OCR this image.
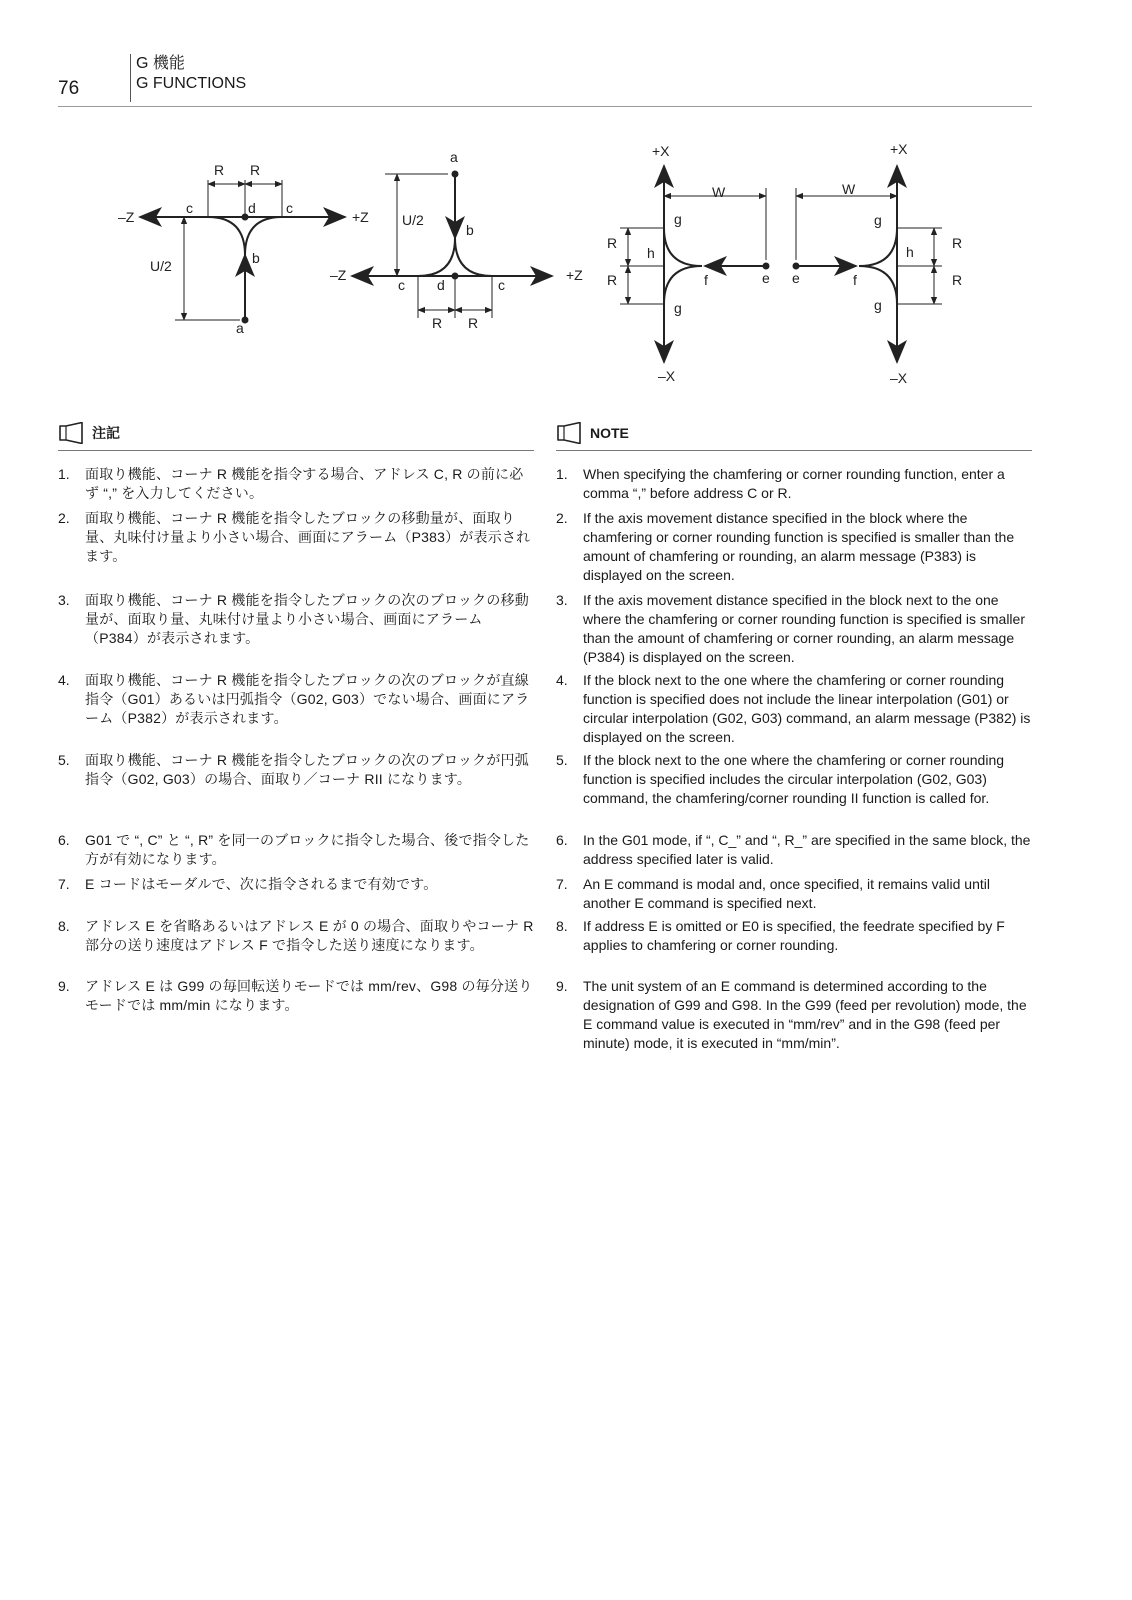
76
G 機能
G FUNCTIONS
–Z	+Z
R R
c	d c
U/2	b
a
a
b
U/2
–Z	+Z
c d	c
R R
+X
–X
W
g
g
h
R
R	f	e
+X
–X
W
g
g
h
R
R
f
e
注記
1.	面取り機能、コーナ R 機能を指令する場合、アドレス C, R の前に必ず “,” を入力してください。
2.	面取り機能、コーナ R 機能を指令したブロックの移動量が、面取り量、丸味付け量より小さい場合、画面にアラーム（P383）が表示されます。
3.	面取り機能、コーナ R 機能を指令したブロックの次のブロックの移動量が、面取り量、丸味付け量より小さい場合、画面にアラーム（P384）が表示されます。
4.	面取り機能、コーナ R 機能を指令したブロックの次のブロックが直線指令（G01）あるいは円弧指令（G02, G03）でない場合、画面にアラーム（P382）が表示されます。
5.	面取り機能、コーナ R 機能を指令したブロックの次のブロックが円弧指令（G02, G03）の場合、面取り／コーナ RII になります。
6.	G01 で “, C” と “, R” を同一のブロックに指令した場合、後で指令した方が有効になります。
7.	E コードはモーダルで、次に指令されるまで有効です。
8.	アドレス E を省略あるいはアドレス E が 0 の場合、面取りやコーナ R 部分の送り速度はアドレス F で指令した送り速度になります。
9.	アドレス E は G99 の毎回転送りモードでは mm/rev、G98 の毎分送りモードでは mm/min になります。
NOTE
1.	When specifying the chamfering or corner rounding function, enter a comma “,” before address C or R.
2.	If the axis movement distance specified in the block where the chamfering or corner rounding function is specified is smaller than the amount of chamfering or rounding, an alarm message (P383) is displayed on the screen.
3.	If the axis movement distance specified in the block next to the one where the chamfering or corner rounding function is specified is smaller than the amount of chamfering or corner rounding, an alarm message (P384) is displayed on the screen.
4.	If the block next to the one where the chamfering or corner rounding function is specified does not include the linear interpolation (G01) or circular interpolation (G02, G03) command, an alarm message (P382) is displayed on the screen.
5.	If the block next to the one where the chamfering or corner rounding function is specified includes the circular interpolation (G02, G03) command, the chamfering/corner rounding II function is called for.
6.	In the G01 mode, if “, C_” and “, R_” are specified in the same block, the address specified later is valid.
7.	An E command is modal and, once specified, it remains valid until another E command is specified next.
8.	If address E is omitted or E0 is specified, the feedrate specified by F applies to chamfering or corner rounding.
9.	The unit system of an E command is determined according to the designation of G99 and G98. In the G99 (feed per revolution) mode, the E command value is executed in “mm/rev” and in the G98 (feed per minute) mode, it is executed in “mm/min”.
